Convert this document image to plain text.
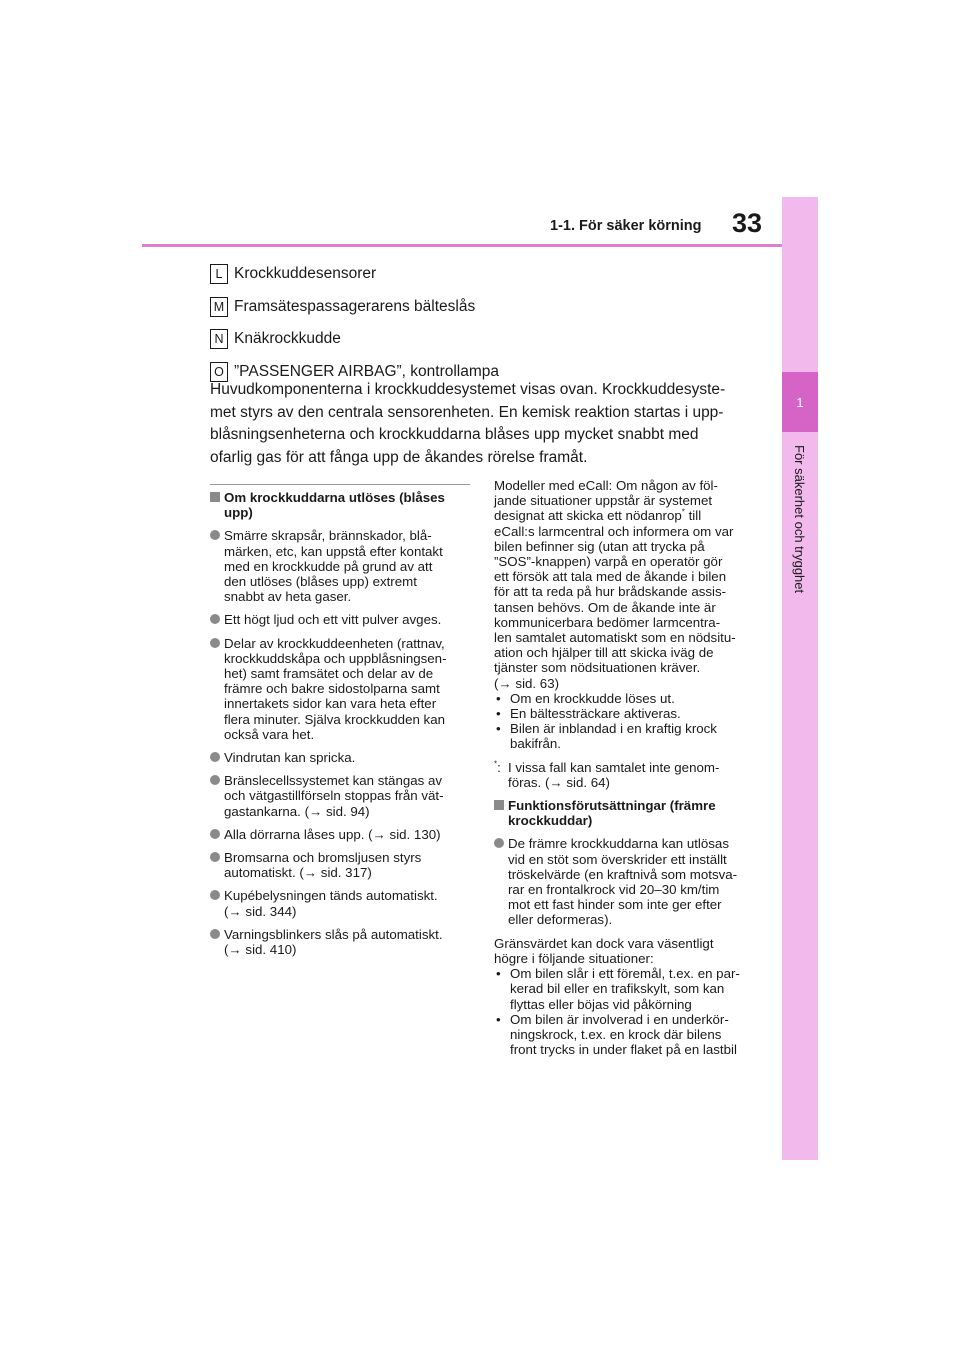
1
För säkerhet och trygghet
33
1-1. För säker körning
L Krockkuddesensorer
M Framsätespassagerarens bälteslås
N Knäkrockkudde
O ”PASSENGER AIRBAG”, kontrollampa
Huvudkomponenterna i krockkuddesystemet visas ovan. Krockkuddesyste-
met styrs av den centrala sensorenheten. En kemisk reaktion startas i upp-
blåsningsenheterna och krockkuddarna blåses upp mycket snabbt med
ofarlig gas för att fånga upp de åkandes rörelse framåt.
Om krockkuddarna utlöses (blåses
upp)
Smärre skrapsår, brännskador, blå-
märken, etc, kan uppstå efter kontakt
med en krockkudde på grund av att
den utlöses (blåses upp) extremt
snabbt av heta gaser.
Ett högt ljud och ett vitt pulver avges.
Delar av krockkuddeenheten (rattnav,
krockkuddskåpa och uppblåsningsen-
het) samt framsätet och delar av de
främre och bakre sidostolparna samt
innertakets sidor kan vara heta efter
flera minuter. Själva krockkudden kan
också vara het.
Vindrutan kan spricka.
Bränslecellssystemet kan stängas av
och vätgastillförseln stoppas från vät-
gastankarna. (→ sid. 94)
Alla dörrarna låses upp. (→ sid. 130)
Bromsarna och bromsljusen styrs
automatiskt. (→ sid. 317)
Kupébelysningen tänds automatiskt.
(→ sid. 344)
Varningsblinkers slås på automatiskt.
(→ sid. 410)
Modeller med eCall: Om någon av föl-
jande situationer uppstår är systemet
designat att skicka ett nödanrop* till
eCall:s larmcentral och informera om var
bilen befinner sig (utan att trycka på
”SOS”-knappen) varpå en operatör gör
ett försök att tala med de åkande i bilen
för att ta reda på hur brådskande assis-
tansen behövs. Om de åkande inte är
kommunicerbara bedömer larmcentra-
len samtalet automatiskt som en nödsitu-
ation och hjälper till att skicka iväg de
tjänster som nödsituationen kräver.
(→ sid. 63)
• Om en krockkudde löses ut.
• En bältessträckare aktiveras.
• Bilen är inblandad i en kraftig krock
bakifrån.
*: I vissa fall kan samtalet inte genom-
föras. (→ sid. 64)
Funktionsförutsättningar (främre
krockkuddar)
De främre krockkuddarna kan utlösas
vid en stöt som överskrider ett inställt
tröskelvärde (en kraftnivå som motsva-
rar en frontalkrock vid 20–30 km/tim
mot ett fast hinder som inte ger efter
eller deformeras).
Gränsvärdet kan dock vara väsentligt
högre i följande situationer:
• Om bilen slår i ett föremål, t.ex. en par-
kerad bil eller en trafikskylt, som kan
flyttas eller böjas vid påkörning
• Om bilen är involverad i en underkör-
ningskrock, t.ex. en krock där bilens
front trycks in under flaket på en lastbil
